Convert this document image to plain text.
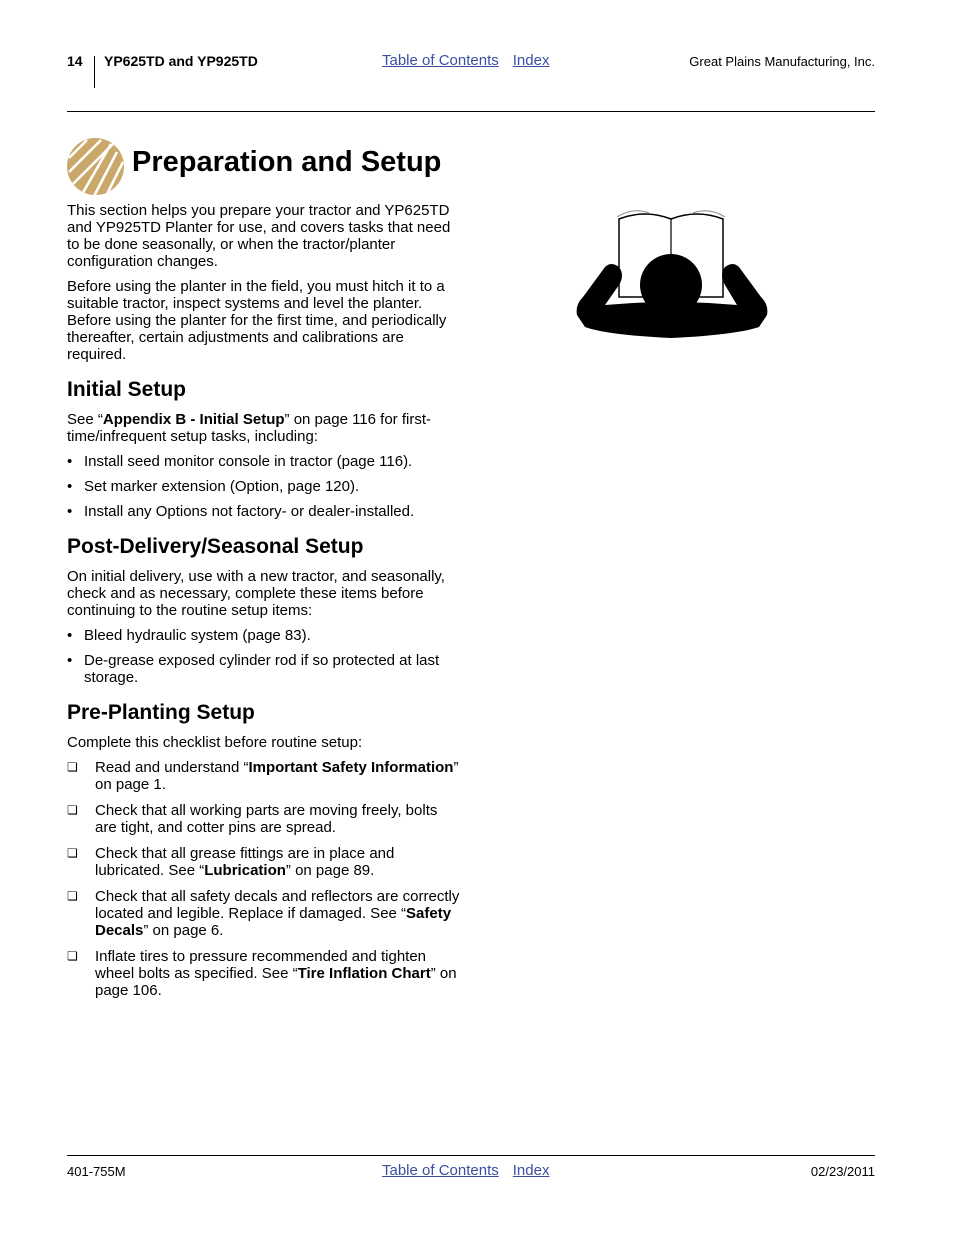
14 YP625TD and YP925TD	Table of Contents Index	Great Plains Manufacturing, Inc.
Preparation and Setup

This section helps you prepare your tractor and YP625TD and YP925TD Planter for use, and covers tasks that need to be done seasonally, or when the tractor/planter configuration changes.

Before using the planter in the field, you must hitch it to a suitable tractor, inspect systems and level the planter. Before using the planter for the first time, and periodically thereafter, certain adjustments and calibrations are required.

Initial Setup

See “Appendix B - Initial Setup” on page 116 for first-time/infrequent setup tasks, including:

• Install seed monitor console in tractor (page 116).
• Set marker extension (Option, page 120).
• Install any Options not factory- or dealer-installed.
Post-Delivery/Seasonal Setup

On initial delivery, use with a new tractor, and seasonally, check and as necessary, complete these items before continuing to the routine setup items:

• Bleed hydraulic system (page 83).
• De-grease exposed cylinder rod if so protected at last storage.
Pre-Planting Setup

Complete this checklist before routine setup:

❏ Read and understand “Important Safety Information” on page 1.
❏ Check that all working parts are moving freely, bolts are tight, and cotter pins are spread.
❏ Check that all grease fittings are in place and lubricated. See “Lubrication” on page 89.
❏ Check that all safety decals and reflectors are correctly located and legible. Replace if damaged. See “Safety Decals” on page 6.
❏ Inflate tires to pressure recommended and tighten wheel bolts as specified. See “Tire Inflation Chart” on page 106.
401-755M	Table of Contents Index	02/23/2011
